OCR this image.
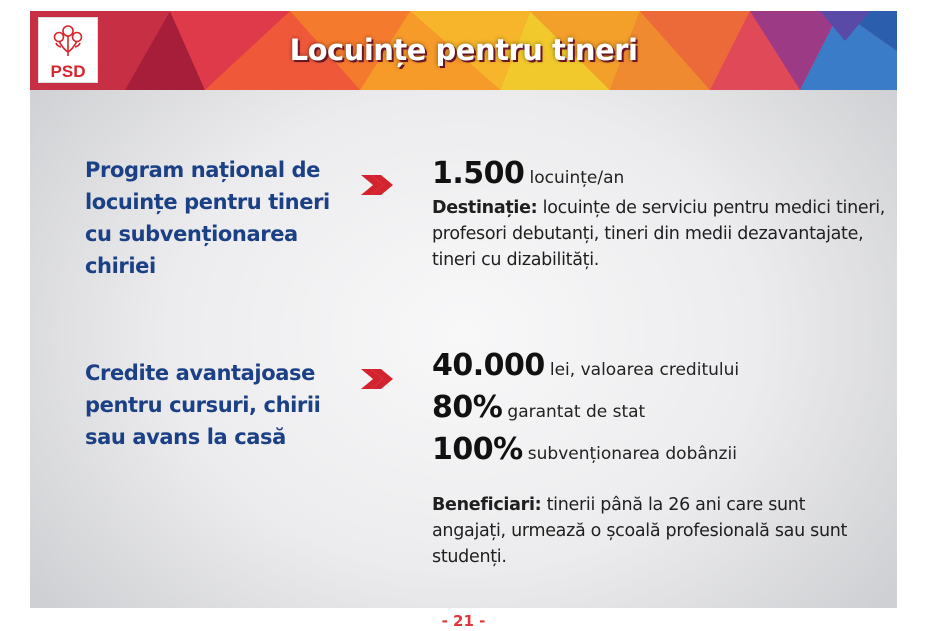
PSD
Locuințe pentru tineri
Program național de
locuințe pentru tineri
cu subvenționarea
chiriei
Credite avantajoase
pentru cursuri, chirii
sau avans la casă
1.500 locuințe/an
Destinație: locuințe de serviciu pentru medici tineri, profesori debutanți, tineri din medii dezavantajate, tineri cu dizabilități.
40.000 lei, valoarea creditului
80% garantat de stat
100% subvenționarea dobânzii
Beneficiari: tinerii până la 26 ani care sunt angajați, urmează o școală profesională sau sunt studenți.
- 21 -
